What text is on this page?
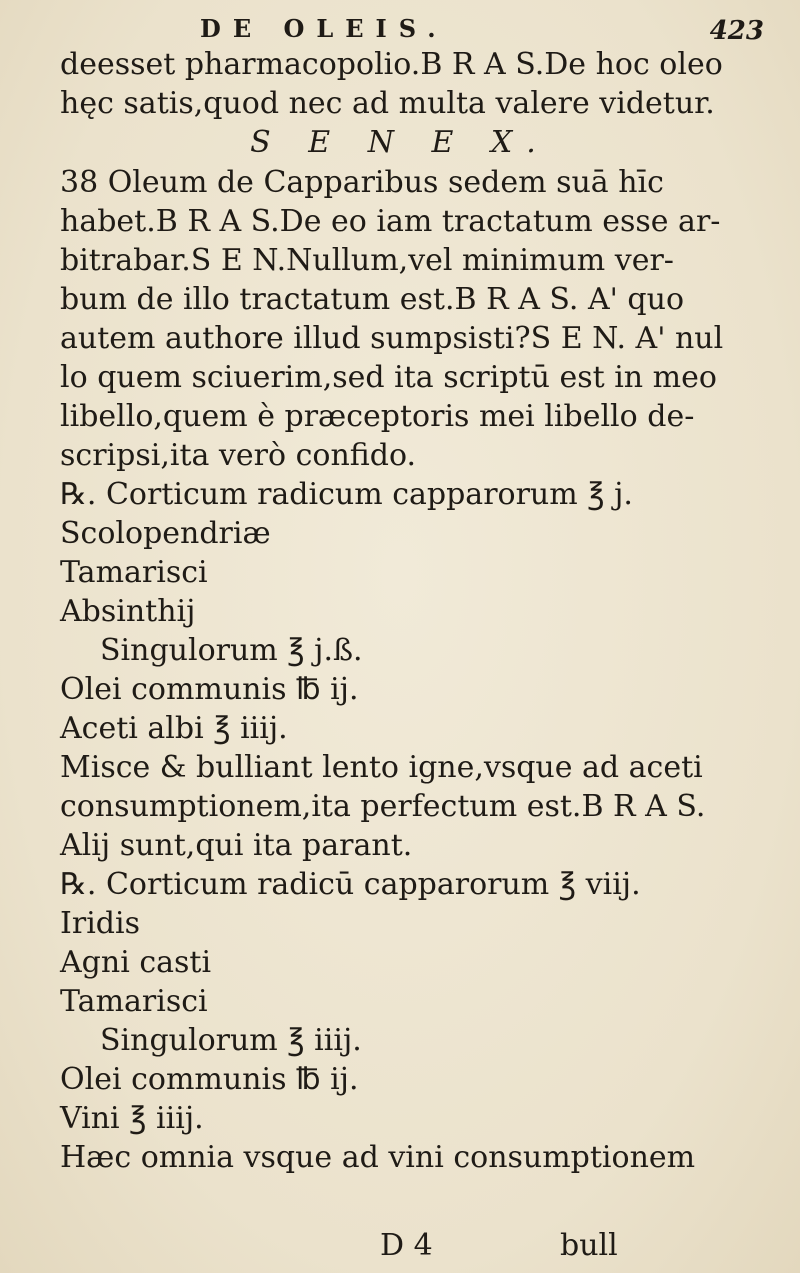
DE OLEIS.	423
deesset pharmacopolio.B R A S.De hoc oleo
hęc satis,quod nec ad multa valere videtur.
S E N E X.
38 Oleum de Capparibus sedem suā hīc
habet.B R A S.De eo iam tractatum esse ar-
bitrabar.S E N.Nullum,vel minimum ver-
bum de illo tractatum est.B R A S. A' quo
autem authore illud sumpsisti?S E N. A' nul
lo quem sciuerim,sed ita scriptū est in meo
libello,quem è præceptoris mei libello de-
scripsi,ita verò confido.
℞. Corticum radicum capparorum ℥ j.
Scolopendriæ
Tamarisci
Absinthij
Singulorum ℥ j.ß.
Olei communis ℔ ij.
Aceti albi ℥ iiij.
Misce & bulliant lento igne,vsque ad aceti
consumptionem,ita perfectum est.B R A S.
Alij sunt,qui ita parant.
℞. Corticum radicū capparorum ℥ viij.
Iridis
Agni casti
Tamarisci
Singulorum ℥ iiij.
Olei communis ℔ ij.
Vini ℥ iiij.
Hæc omnia vsque ad vini consumptionem
D 4	bull
